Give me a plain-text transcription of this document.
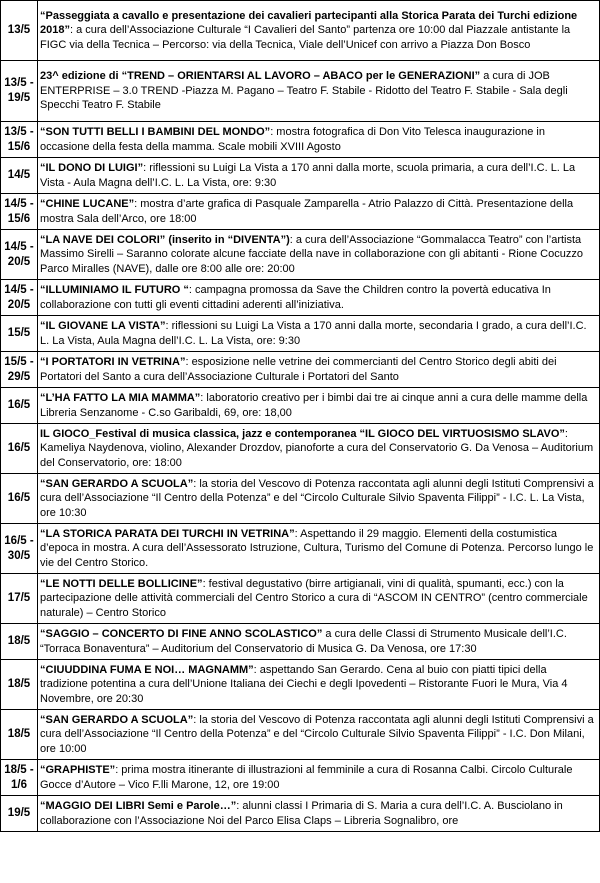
13/5	“Passeggiata a cavallo e presentazione dei cavalieri partecipanti alla Storica Parata dei Turchi edizione 2018”: a cura dell’Associazione Culturale “I Cavalieri del Santo” partenza ore 10:00 dal Piazzale antistante la FIGC via della Tecnica – Percorso: via della Tecnica, Viale dell’Unicef con arrivo a Piazza Don Bosco
13/5 - 19/5	23^ edizione di “TREND – ORIENTARSI AL LAVORO – ABACO per le GENERAZIONI” a cura di JOB ENTERPRISE – 3.0 TREND -Piazza M. Pagano – Teatro F. Stabile - Ridotto del Teatro F. Stabile - Sala degli Specchi Teatro F. Stabile
13/5 - 15/6	“SON TUTTI BELLI I BAMBINI DEL MONDO”: mostra fotografica di Don Vito Telesca inaugurazione in occasione della festa della mamma. Scale mobili XVIII Agosto
14/5	“IL DONO DI LUIGI”: riflessioni su Luigi La Vista a 170 anni dalla morte, scuola primaria, a cura dell’I.C. L. La Vista - Aula Magna dell’I.C. L. La Vista, ore: 9:30
14/5 - 15/6	“CHINE LUCANE”: mostra d’arte grafica di Pasquale Zamparella - Atrio Palazzo di Città. Presentazione della mostra Sala dell’Arco, ore 18:00
14/5 - 20/5	“LA NAVE DEI COLORI” (inserito in “DIVENTA”): a cura dell’Associazione “Gommalacca Teatro” con l’artista Massimo Sirelli – Saranno colorate alcune facciate della nave in collaborazione con gli abitanti - Rione Cocuzzo Parco Miralles (NAVE), dalle ore 8:00 alle ore: 20:00
14/5 - 20/5	“ILLUMINIAMO IL FUTURO “: campagna promossa da Save the Children contro la povertà educativa In collaborazione con tutti gli eventi cittadini aderenti all’iniziativa.
15/5	“IL GIOVANE LA VISTA”: riflessioni su Luigi La Vista a 170 anni dalla morte, secondaria I grado, a cura dell’I.C. L. La Vista, Aula Magna dell’I.C. L. La Vista, ore: 9:30
15/5 - 29/5	“I PORTATORI IN VETRINA”: esposizione nelle vetrine dei commercianti del Centro Storico degli abiti dei Portatori del Santo a cura dell’Associazione Culturale i Portatori del Santo
16/5	“L’HA FATTO LA MIA MAMMA”: laboratorio creativo per i bimbi dai tre ai cinque anni a cura delle mamme della Libreria Senzanome - C.so Garibaldi, 69, ore: 18,00
16/5	IL GIOCO_Festival di musica classica, jazz e contemporanea “IL GIOCO DEL VIRTUOSISMO SLAVO”: Kameliya Naydenova, violino, Alexander Drozdov, pianoforte a cura del Conservatorio G. Da Venosa – Auditorium del Conservatorio, ore: 18:00
16/5	“SAN GERARDO A SCUOLA”: la storia del Vescovo di Potenza raccontata agli alunni degli Istituti Comprensivi a cura dell’Associazione “Il Centro della Potenza” e del “Circolo Culturale Silvio Spaventa Filippi” - I.C. L. La Vista, ore 10:30
16/5 - 30/5	“LA STORICA PARATA DEI TURCHI IN VETRINA”: Aspettando il 29 maggio. Elementi della costumistica d’epoca in mostra. A cura dell’Assessorato Istruzione, Cultura, Turismo del Comune di Potenza. Percorso lungo le vie del Centro Storico.
17/5	“LE NOTTI DELLE BOLLICINE”: festival degustativo (birre artigianali, vini di qualità, spumanti, ecc.) con la partecipazione delle attività commerciali del Centro Storico a cura di “ASCOM IN CENTRO” (centro commerciale naturale) – Centro Storico
18/5	“SAGGIO – CONCERTO DI FINE ANNO SCOLASTICO” a cura delle Classi di Strumento Musicale dell’I.C. “Torraca Bonaventura” – Auditorium del Conservatorio di Musica G. Da Venosa, ore 17:30
18/5	“CIUUDDINA FUMA E NOI… MAGNAMM”: aspettando San Gerardo. Cena al buio con piatti tipici della tradizione potentina a cura dell’Unione Italiana dei Ciechi e degli Ipovedenti – Ristorante Fuori le Mura, Via 4 Novembre, ore 20:30
18/5	“SAN GERARDO A SCUOLA”: la storia del Vescovo di Potenza raccontata agli alunni degli Istituti Comprensivi a cura dell’Associazione “Il Centro della Potenza” e del “Circolo Culturale Silvio Spaventa Filippi” - I.C. Don Milani, ore 10:00
18/5 - 1/6	“GRAPHISTE”: prima mostra itinerante di illustrazioni al femminile a cura di Rosanna Calbi. Circolo Culturale Gocce d’Autore – Vico F.lli Marone, 12, ore 19:00
19/5	“MAGGIO DEI LIBRI Semi e Parole…”: alunni classi I Primaria di S. Maria a cura dell’I.C. A. Busciolano in collaborazione con l’Associazione Noi del Parco Elisa Claps – Libreria Sognalibro, ore
